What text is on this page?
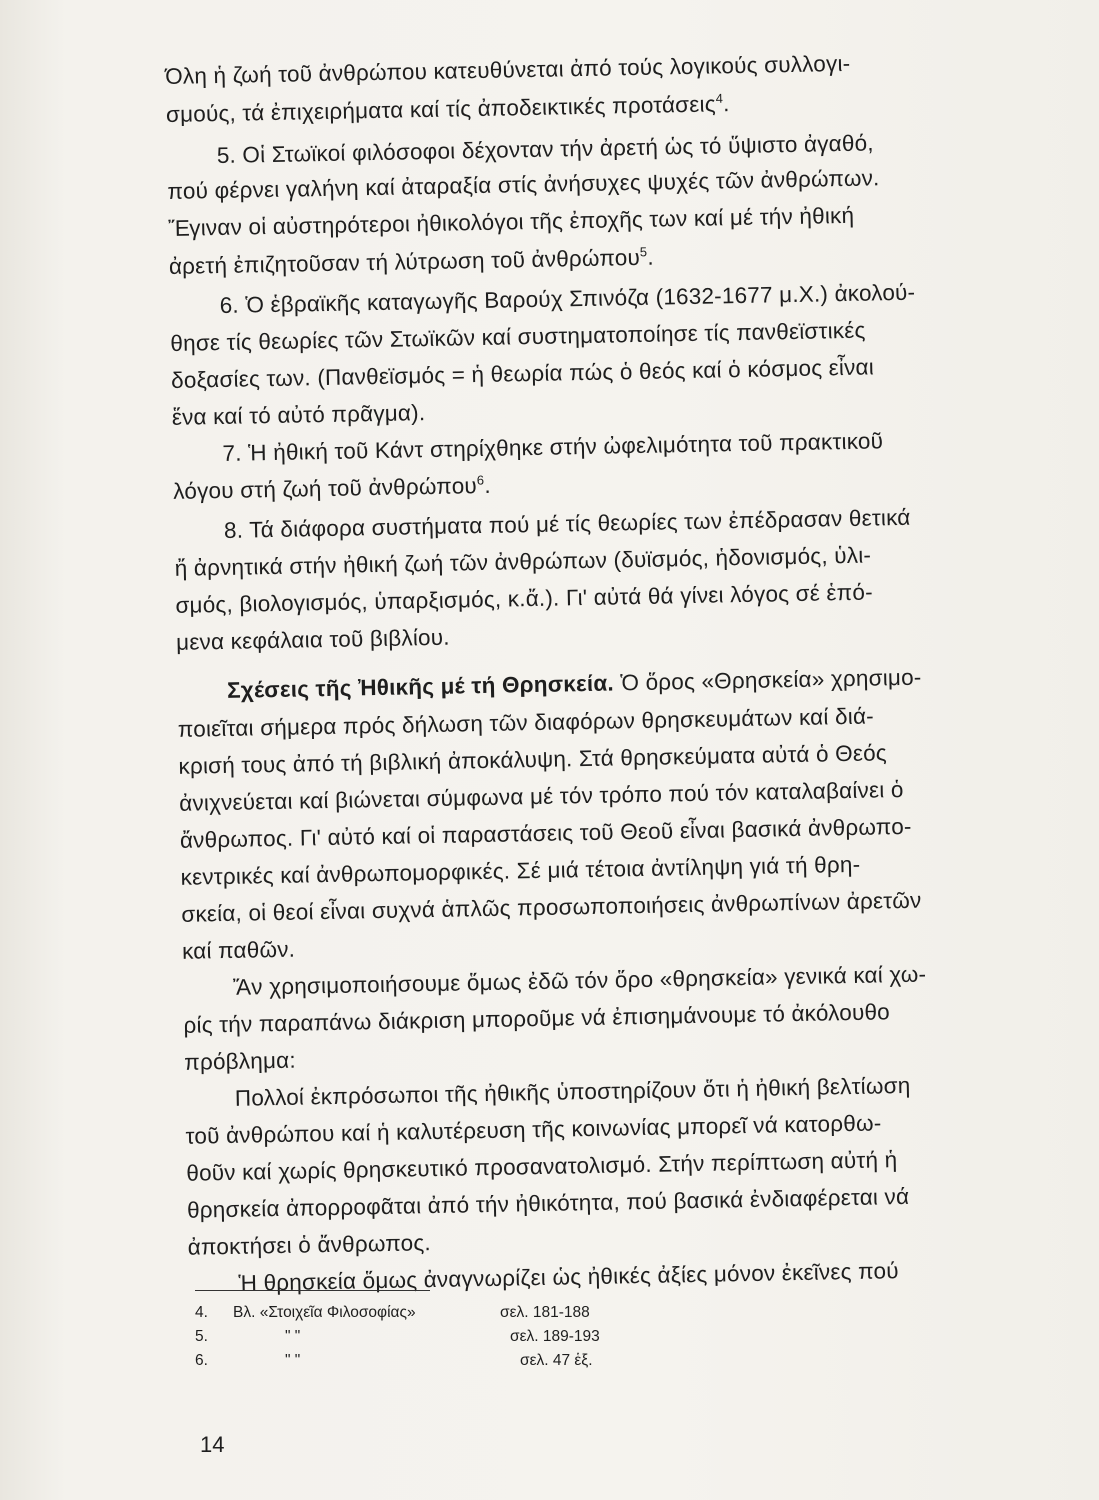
Όλη ἡ ζωή τοῦ ἀνθρώπου κατευθύνεται ἀπό τούς λογικούς συλλογι-
σμούς, τά ἐπιχειρήματα καί τίς ἀποδεικτικές προτάσεις$^4$.
5. Οἱ Στωϊκοί φιλόσοφοι δέχονταν τήν ἀρετή ὡς τό ὕψιστο ἀγαθό,
πού φέρνει γαλήνη καί ἀταραξία στίς ἀνήσυχες ψυχές τῶν ἀνθρώπων.
Ἔγιναν οἱ αὐστηρότεροι ἠθικολόγοι τῆς ἐποχῆς των καί μέ τήν ἠθική
ἀρετή ἐπιζητοῦσαν τή λύτρωση τοῦ ἀνθρώπου$^5$.
6. Ὁ ἑβραϊκῆς καταγωγῆς Βαρούχ Σπινόζα (1632-1677 μ.Χ.) ἀκολού-
θησε τίς θεωρίες τῶν Στωϊκῶν καί συστηματοποίησε τίς πανθεϊστικές
δοξασίες των. (Πανθεϊσμός = ἡ θεωρία πώς ὁ θεός καί ὁ κόσμος εἶναι
ἕνα καί τό αὐτό πρᾶγμα).
7. Ἡ ἠθική τοῦ Κάντ στηρίχθηκε στήν ὠφελιμότητα τοῦ πρακτικοῦ
λόγου στή ζωή τοῦ ἀνθρώπου$^6$.
8. Τά διάφορα συστήματα πού μέ τίς θεωρίες των ἐπέδρασαν θετικά
ἤ ἀρνητικά στήν ἠθική ζωή τῶν ἀνθρώπων (δυϊσμός, ἡδονισμός, ὑλι-
σμός, βιολογισμός, ὑπαρξισμός, κ.ἄ.). Γι' αὐτά θά γίνει λόγος σέ ἑπό-
μενα κεφάλαια τοῦ βιβλίου.
Σχέσεις τῆς Ἠθικῆς μέ τή Θρησκεία. Ὁ ὅρος «Θρησκεία» χρησιμο-
ποιεῖται σήμερα πρός δήλωση τῶν διαφόρων θρησκευμάτων καί διά-
κρισή τους ἀπό τή βιβλική ἀποκάλυψη. Στά θρησκεύματα αὐτά ὁ Θεός
ἀνιχνεύεται καί βιώνεται σύμφωνα μέ τόν τρόπο πού τόν καταλαβαίνει ὁ
ἄνθρωπος. Γι' αὐτό καί οἱ παραστάσεις τοῦ Θεοῦ εἶναι βασικά ἀνθρωπο-
κεντρικές καί ἀνθρωπομορφικές. Σέ μιά τέτοια ἀντίληψη γιά τή θρη-
σκεία, οἱ θεοί εἶναι συχνά ἁπλῶς προσωποποιήσεις ἀνθρωπίνων ἀρετῶν
καί παθῶν.
Ἄν χρησιμοποιήσουμε ὅμως ἐδῶ τόν ὅρο «θρησκεία» γενικά καί χω-
ρίς τήν παραπάνω διάκριση μποροῦμε νά ἐπισημάνουμε τό ἀκόλουθο
πρόβλημα:
Πολλοί ἐκπρόσωποι τῆς ἠθικῆς ὑποστηρίζουν ὅτι ἡ ἠθική βελτίωση
τοῦ ἀνθρώπου καί ἡ καλυτέρευση τῆς κοινωνίας μπορεῖ νά κατορθω-
θοῦν καί χωρίς θρησκευτικό προσανατολισμό. Στήν περίπτωση αὐτή ἡ
θρησκεία ἀπορροφᾶται ἀπό τήν ἠθικότητα, πού βασικά ἐνδιαφέρεται νά
ἀποκτήσει ὁ ἄνθρωπος.
Ἡ θρησκεία ὅμως ἀναγνωρίζει ὡς ἠθικές ἀξίες μόνον ἐκεῖνες πού
4. Βλ. «Στοιχεῖα Φιλοσοφίας»	σελ. 181-188
5.	" "	σελ. 189-193
6.	" "	σελ. 47 ἑξ.
14
